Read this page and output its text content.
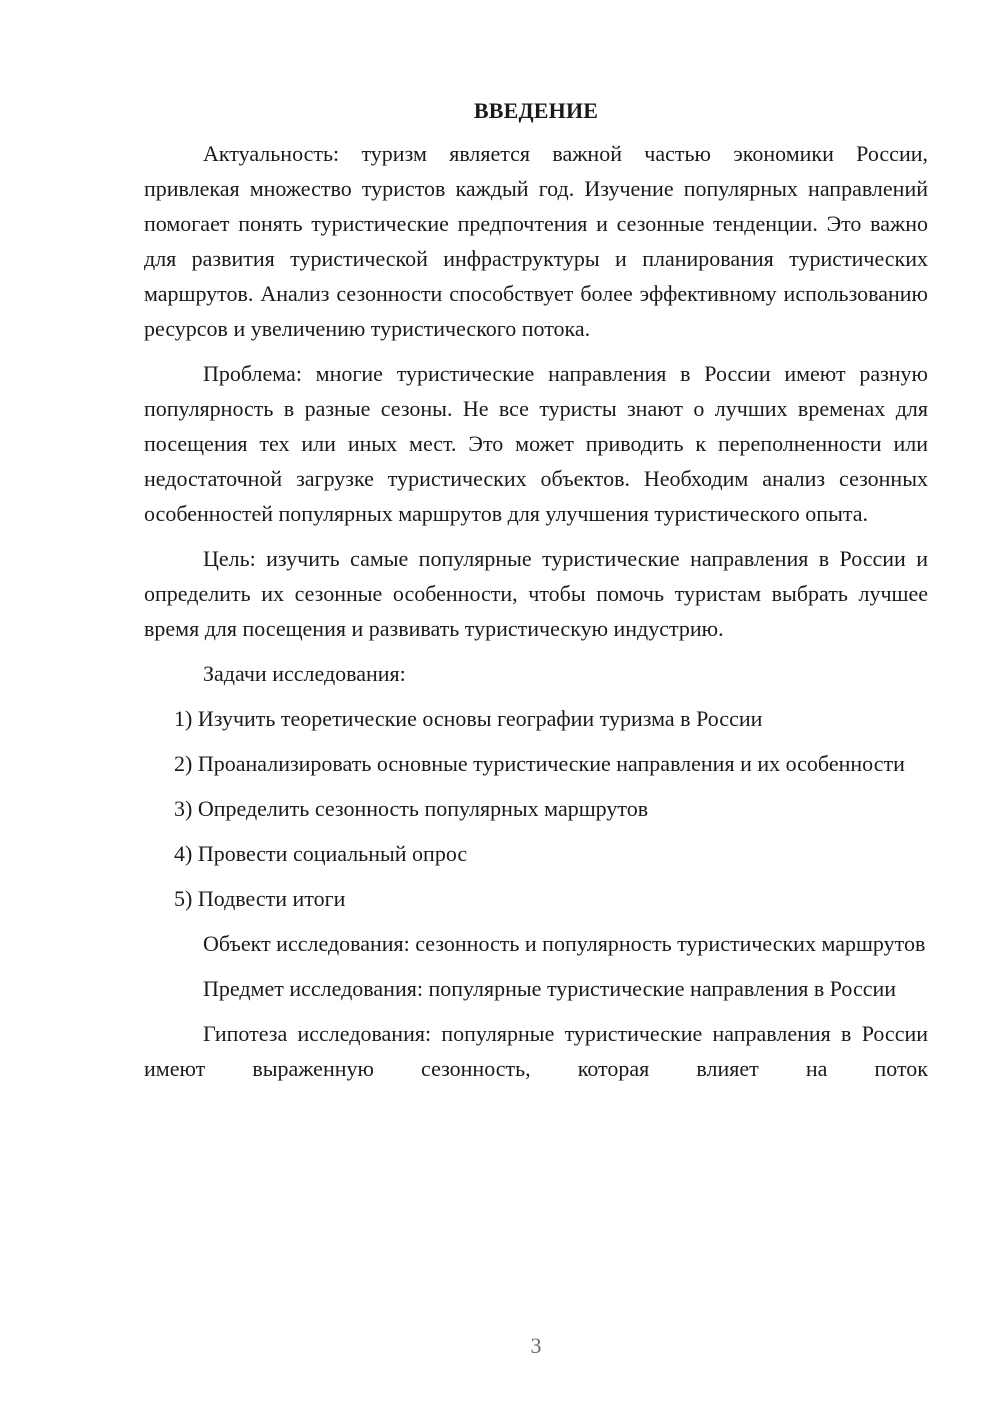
ВВЕДЕНИЕ

Актуальность: туризм является важной частью экономики России, привлекая множество туристов каждый год. Изучение популярных направлений помогает понять туристические предпочтения и сезонные тенденции. Это важно для развития туристической инфраструктуры и планирования туристических маршрутов. Анализ сезонности способствует более эффективному использованию ресурсов и увеличению туристического потока.

Проблема: многие туристические направления в России имеют разную популярность в разные сезоны. Не все туристы знают о лучших временах для посещения тех или иных мест. Это может приводить к переполненности или недостаточной загрузке туристических объектов. Необходим анализ сезонных особенностей популярных маршрутов для улучшения туристического опыта.

Цель: изучить самые популярные туристические направления в России и определить их сезонные особенности, чтобы помочь туристам выбрать лучшее время для посещения и развивать туристическую индустрию.

Задачи исследования:

1) Изучить теоретические основы географии туризма в России

2) Проанализировать основные туристические направления и их особенности

3) Определить сезонность популярных маршрутов

4) Провести социальный опрос

5) Подвести итоги

Объект исследования: сезонность и популярность туристических маршрутов

Предмет исследования: популярные туристические направления в России

Гипотеза исследования: популярные туристические направления в России имеют выраженную сезонность, которая влияет на поток

3
